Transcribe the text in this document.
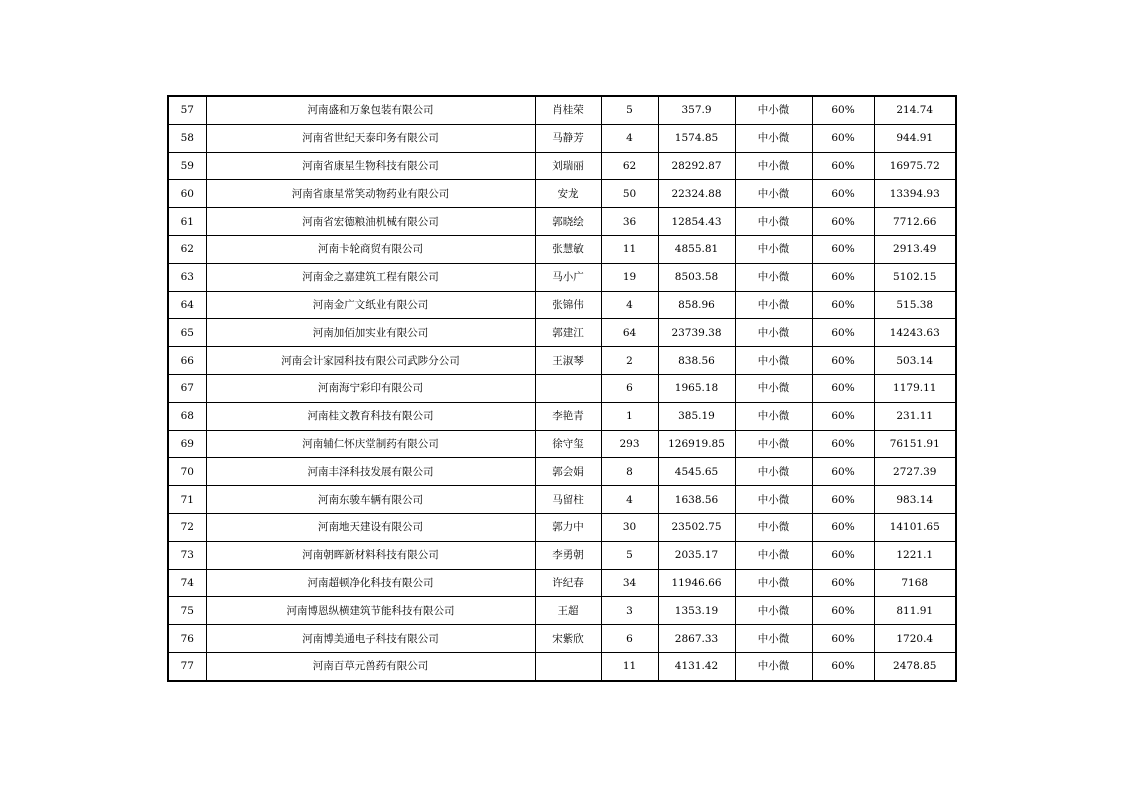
57	河南盛和万象包装有限公司	肖桂荣	5	357.9	中小微	60%	214.74
58	河南省世纪天泰印务有限公司	马静芳	4	1574.85	中小微	60%	944.91
59	河南省康星生物科技有限公司	刘瑞丽	62	28292.87	中小微	60%	16975.72
60	河南省康星常笑动物药业有限公司	安龙	50	22324.88	中小微	60%	13394.93
61	河南省宏德粮油机械有限公司	郭晓绘	36	12854.43	中小微	60%	7712.66
62	河南卡轮商贸有限公司	张慧敏	11	4855.81	中小微	60%	2913.49
63	河南金之嘉建筑工程有限公司	马小广	19	8503.58	中小微	60%	5102.15
64	河南金广文纸业有限公司	张锦伟	4	858.96	中小微	60%	515.38
65	河南加佰加实业有限公司	郭建江	64	23739.38	中小微	60%	14243.63
66	河南会计家园科技有限公司武陟分公司	王淑琴	2	838.56	中小微	60%	503.14
67	河南海宁彩印有限公司		6	1965.18	中小微	60%	1179.11
68	河南桂文教育科技有限公司	李艳青	1	385.19	中小微	60%	231.11
69	河南辅仁怀庆堂制药有限公司	徐守玺	293	126919.85	中小微	60%	76151.91
70	河南丰泽科技发展有限公司	郭会娟	8	4545.65	中小微	60%	2727.39
71	河南东骏车辆有限公司	马留柱	4	1638.56	中小微	60%	983.14
72	河南地天建设有限公司	郭力中	30	23502.75	中小微	60%	14101.65
73	河南朝晖新材料科技有限公司	李勇朝	5	2035.17	中小微	60%	1221.1
74	河南超顿净化科技有限公司	许纪春	34	11946.66	中小微	60%	7168
75	河南博恩纵横建筑节能科技有限公司	王超	3	1353.19	中小微	60%	811.91
76	河南博美通电子科技有限公司	宋紫欣	6	2867.33	中小微	60%	1720.4
77	河南百草元兽药有限公司		11	4131.42	中小微	60%	2478.85
